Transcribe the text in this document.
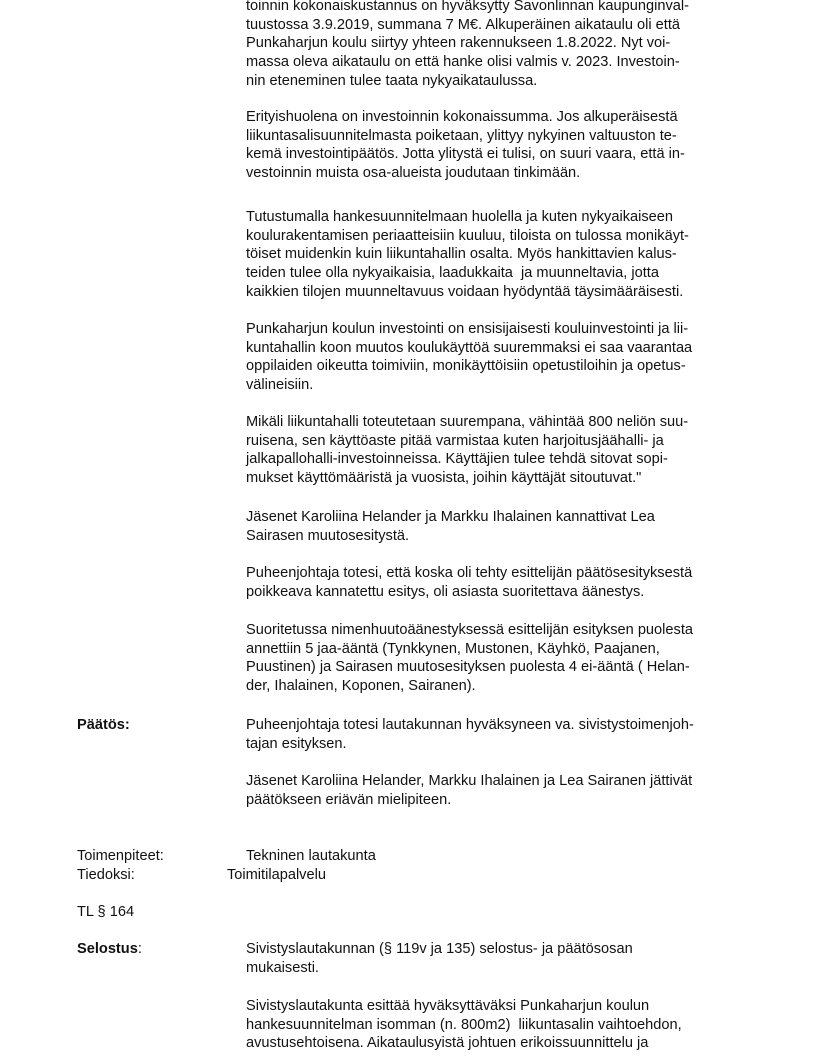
toinnin kokonaiskustannus on hyväksytty Savonlinnan kaupunginval-
tuustossa 3.9.2019, summana 7 M€. Alkuperäinen aikataulu oli että
Punkaharjun koulu siirtyy yhteen rakennukseen 1.8.2022. Nyt voi-
massa oleva aikataulu on että hanke olisi valmis v. 2023. Investoin-
nin eteneminen tulee taata nykyaikataulussa.
Erityishuolena on investoinnin kokonaissumma. Jos alkuperäisestä
liikuntasalisuunnitelmasta poiketaan, ylittyy nykyinen valtuuston te-
kemä investointipäätös. Jotta ylitystä ei tulisi, on suuri vaara, että in-
vestoinnin muista osa-alueista joudutaan tinkimään.
Tutustumalla hankesuunnitelmaan huolella ja kuten nykyaikaiseen
koulurakentamisen periaatteisiin kuuluu, tiloista on tulossa monikäyt-
töiset muidenkin kuin liikuntahallin osalta. Myös hankittavien kalus-
teiden tulee olla nykyaikaisia, laadukkaita  ja muunneltavia, jotta
kaikkien tilojen muunneltavuus voidaan hyödyntää täysimääräisesti.
Punkaharjun koulun investointi on ensisijaisesti kouluinvestointi ja lii-
kuntahallin koon muutos koulukäyttöä suuremmaksi ei saa vaarantaa
oppilaiden oikeutta toimiviin, monikäyttöisiin opetustiloihin ja opetus-
välineisiin.
Mikäli liikuntahalli toteutetaan suurempana, vähintää 800 neliön suu-
ruisena, sen käyttöaste pitää varmistaa kuten harjoitusjäähalli- ja
jalkapallohalli-investoinneissa. Käyttäjien tulee tehdä sitovat sopi-
mukset käyttömääristä ja vuosista, joihin käyttäjät sitoutuvat."
Jäsenet Karoliina Helander ja Markku Ihalainen kannattivat Lea
Sairasen muutosesitystä.
Puheenjohtaja totesi, että koska oli tehty esittelijän päätösesityksestä
poikkeava kannatettu esitys, oli asiasta suoritettava äänestys.
Suoritetussa nimenhuutoäänestyksessä esittelijän esityksen puolesta
annettiin 5 jaa-ääntä (Tynkkynen, Mustonen, Käyhkö, Paajanen,
Puustinen) ja Sairasen muutosesityksen puolesta 4 ei-ääntä ( Helan-
der, Ihalainen, Koponen, Sairanen).
Päätös:	Puheenjohtaja totesi lautakunnan hyväksyneen va. sivistystoimenjoh-
tajan esityksen.
Jäsenet Karoliina Helander, Markku Ihalainen ja Lea Sairanen jättivät
päätökseen eriävän mielipiteen.
Toimenpiteet:	Tekninen lautakunta
Tiedoksi:	Toimitilapalvelu
TL § 164
Selostus:	Sivistyslautakunnan (§ 119v ja 135) selostus- ja päätösosan
mukaisesti.
Sivistyslautakunta esittää hyväksyttäväksi Punkaharjun koulun
hankesuunnitelman isomman (n. 800m2)  liikuntasalin vaihtoehdon,
avustusehtoisena. Aikataulusyistä johtuen erikoissuunnittelu ja
